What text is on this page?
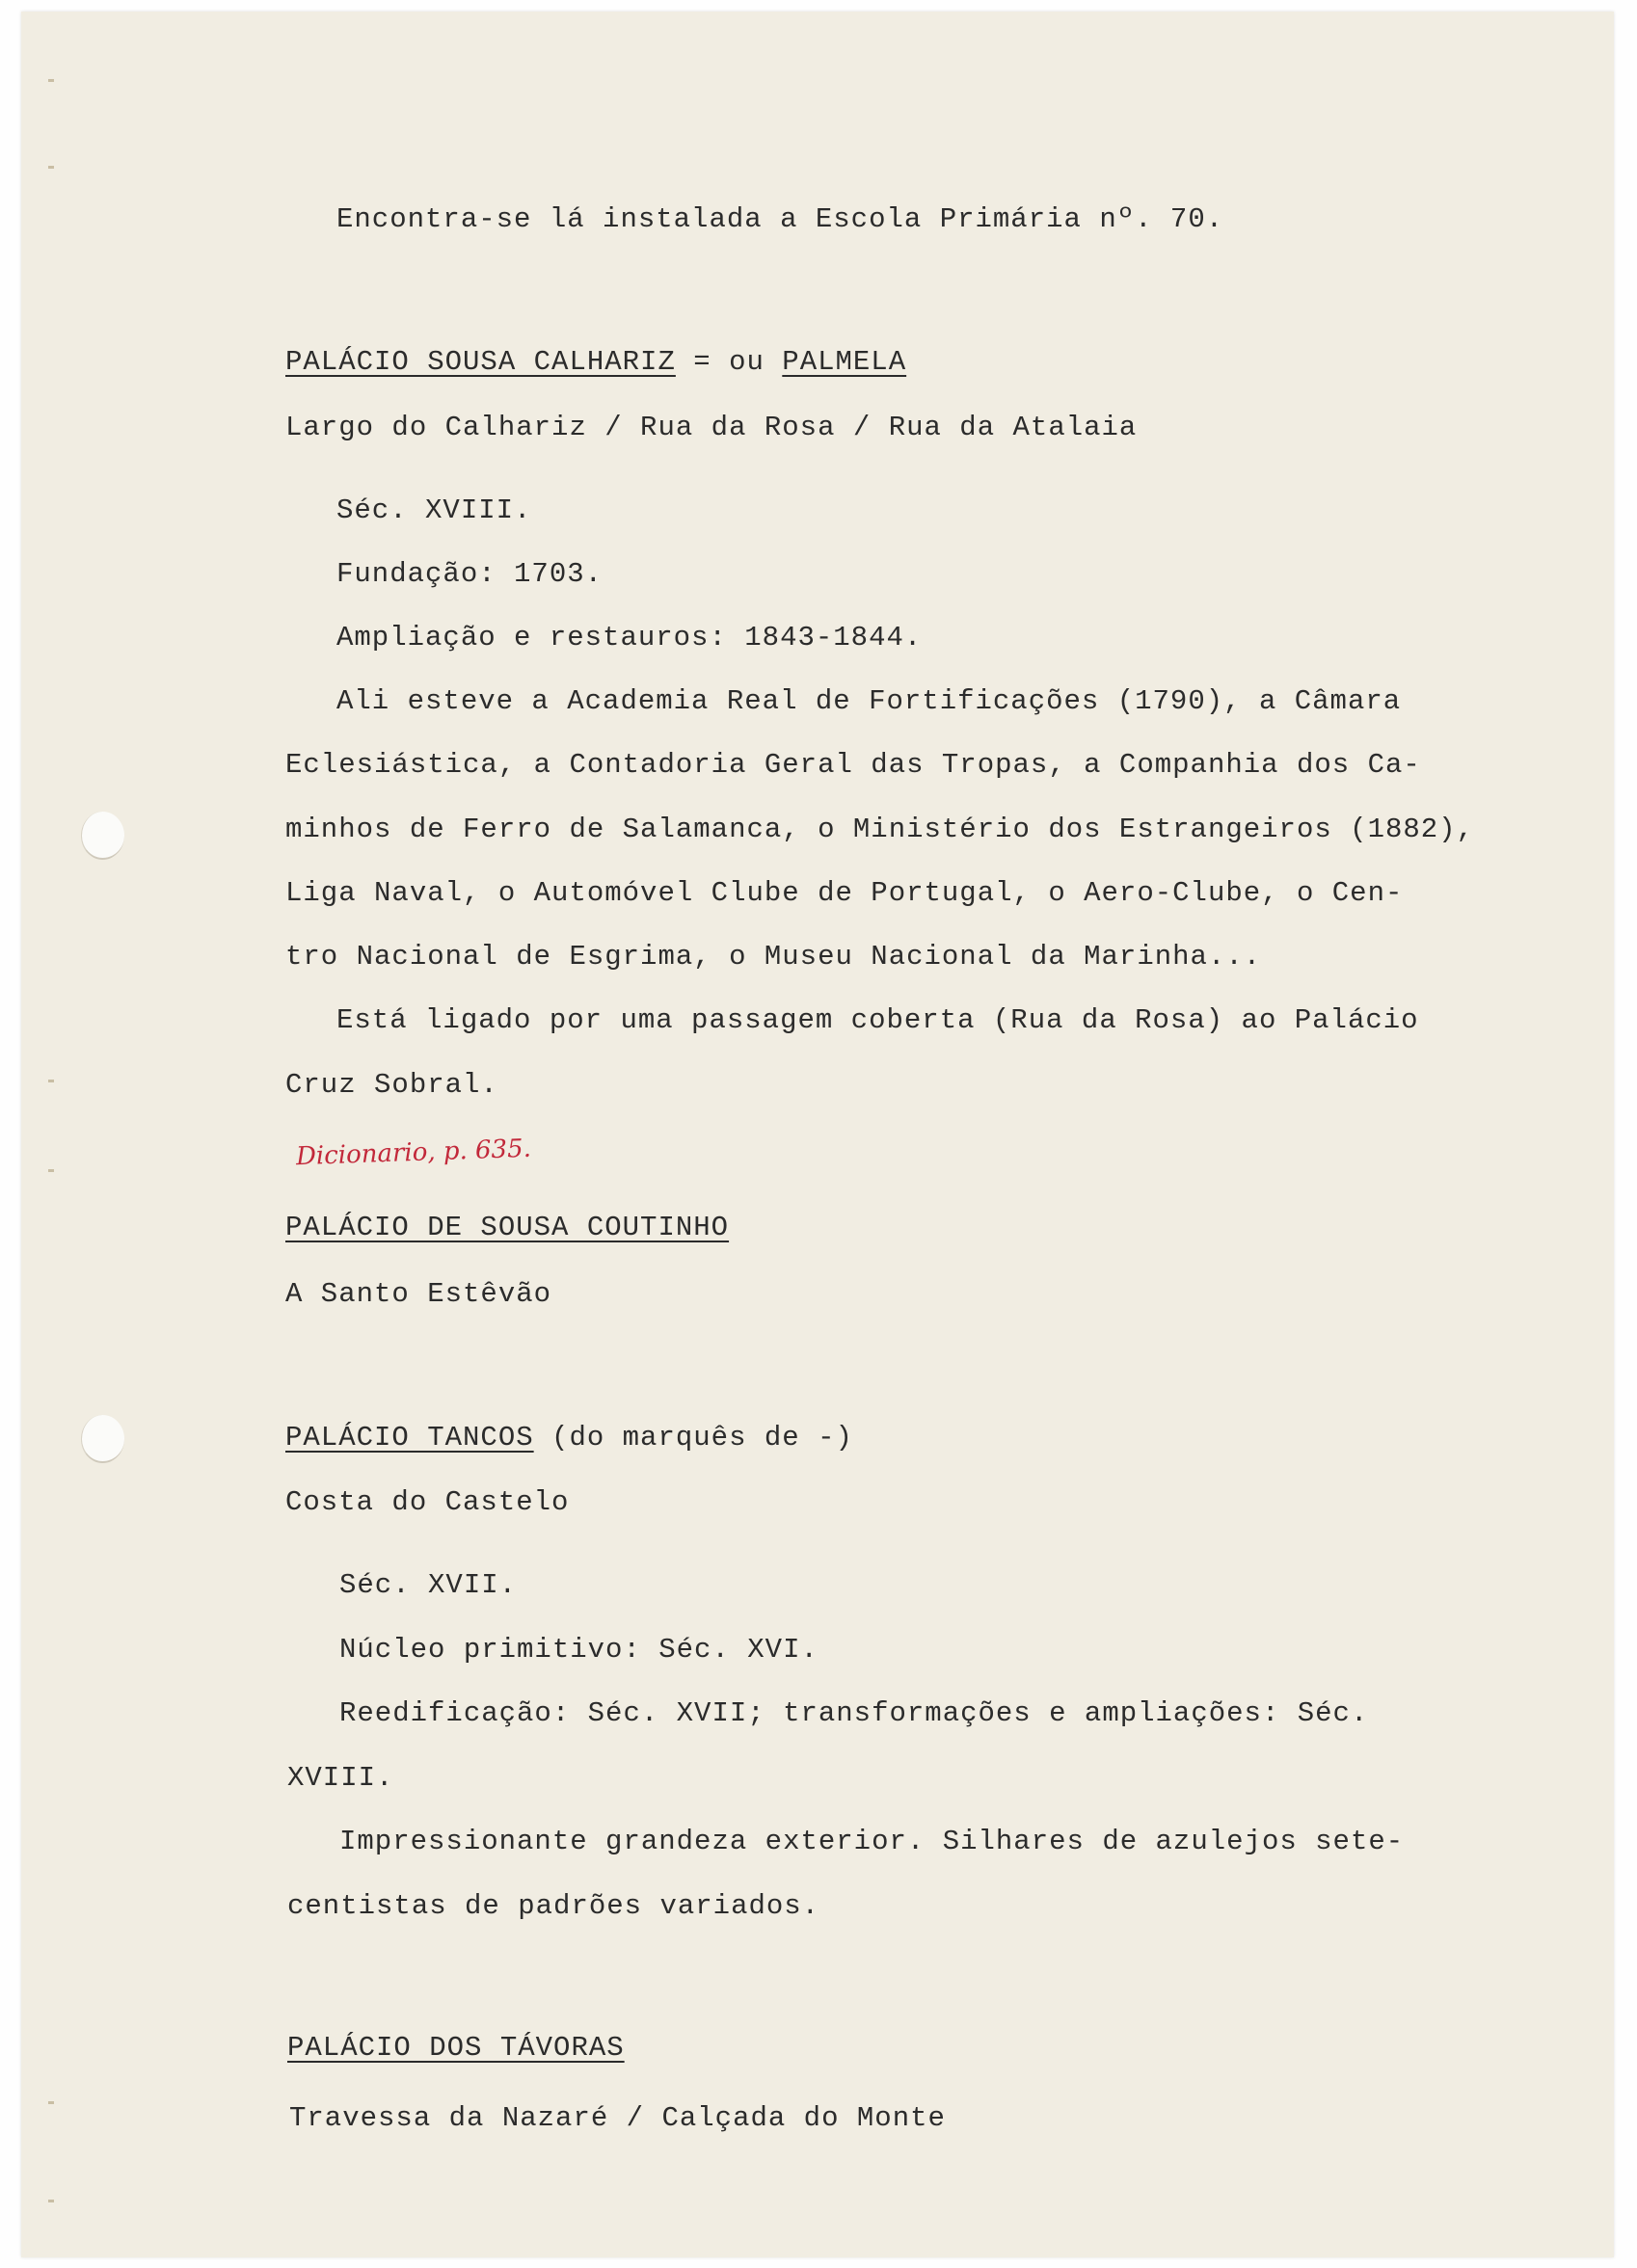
Encontra-se lá instalada a Escola Primária nº. 70.

PALÁCIO SOUSA CALHARIZ = ou PALMELA

Largo do Calhariz / Rua da Rosa / Rua da Atalaia

Séc. XVIII.

Fundação: 1703.

Ampliação e restauros: 1843-1844.

Ali esteve a Academia Real de Fortificações (1790), a Câmara

Eclesiástica, a Contadoria Geral das Tropas, a Companhia dos Ca-

minhos de Ferro de Salamanca, o Ministério dos Estrangeiros (1882),

Liga Naval, o Automóvel Clube de Portugal, o Aero-Clube, o Cen-

tro Nacional de Esgrima, o Museu Nacional da Marinha...

Está ligado por uma passagem coberta (Rua da Rosa) ao Palácio

Cruz Sobral.

Dicionario, p. 635.

PALÁCIO DE SOUSA COUTINHO

A Santo Estêvão

PALÁCIO TANCOS (do marquês de -)

Costa do Castelo

Séc. XVII.

Núcleo primitivo: Séc. XVI.

Reedificação: Séc. XVII; transformações e ampliações: Séc.

XVIII.

Impressionante grandeza exterior. Silhares de azulejos sete-

centistas de padrões variados.

PALÁCIO DOS TÁVORAS

Travessa da Nazaré / Calçada do Monte
